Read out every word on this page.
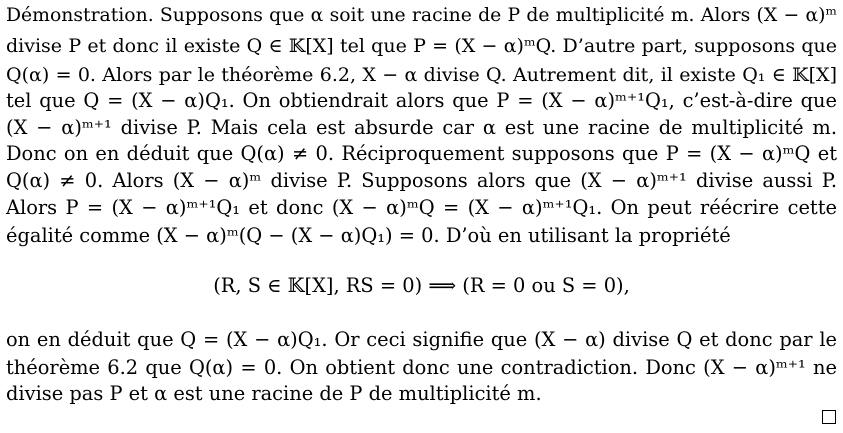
Démonstration. Supposons que α soit une racine de P de multiplicité m. Alors (X − α)ᵐ
divise P et donc il existe Q ∈ 𝕂[X] tel que P = (X − α)ᵐQ. D’autre part, supposons que
Q(α) = 0. Alors par le théorème 6.2, X − α divise Q. Autrement dit, il existe Q₁ ∈ 𝕂[X]
tel que Q = (X − α)Q₁. On obtiendrait alors que P = (X − α)ᵐ⁺¹Q₁, c’est-à-dire que
(X − α)ᵐ⁺¹ divise P. Mais cela est absurde car α est une racine de multiplicité m.
Donc on en déduit que Q(α) ≠ 0. Réciproquement supposons que P = (X − α)ᵐQ et
Q(α) ≠ 0. Alors (X − α)ᵐ divise P. Supposons alors que (X − α)ᵐ⁺¹ divise aussi P.
Alors P = (X − α)ᵐ⁺¹Q₁ et donc (X − α)ᵐQ = (X − α)ᵐ⁺¹Q₁. On peut réécrire cette
égalité comme (X − α)ᵐ(Q − (X − α)Q₁) = 0. D’où en utilisant la propriété
(R, S ∈ 𝕂[X], RS = 0) ⟹ (R = 0 ou S = 0),
on en déduit que Q = (X − α)Q₁. Or ceci signifie que (X − α) divise Q et donc par le
théorème 6.2 que Q(α) = 0. On obtient donc une contradiction. Donc (X − α)ᵐ⁺¹ ne
divise pas P et α est une racine de P de multiplicité m.
